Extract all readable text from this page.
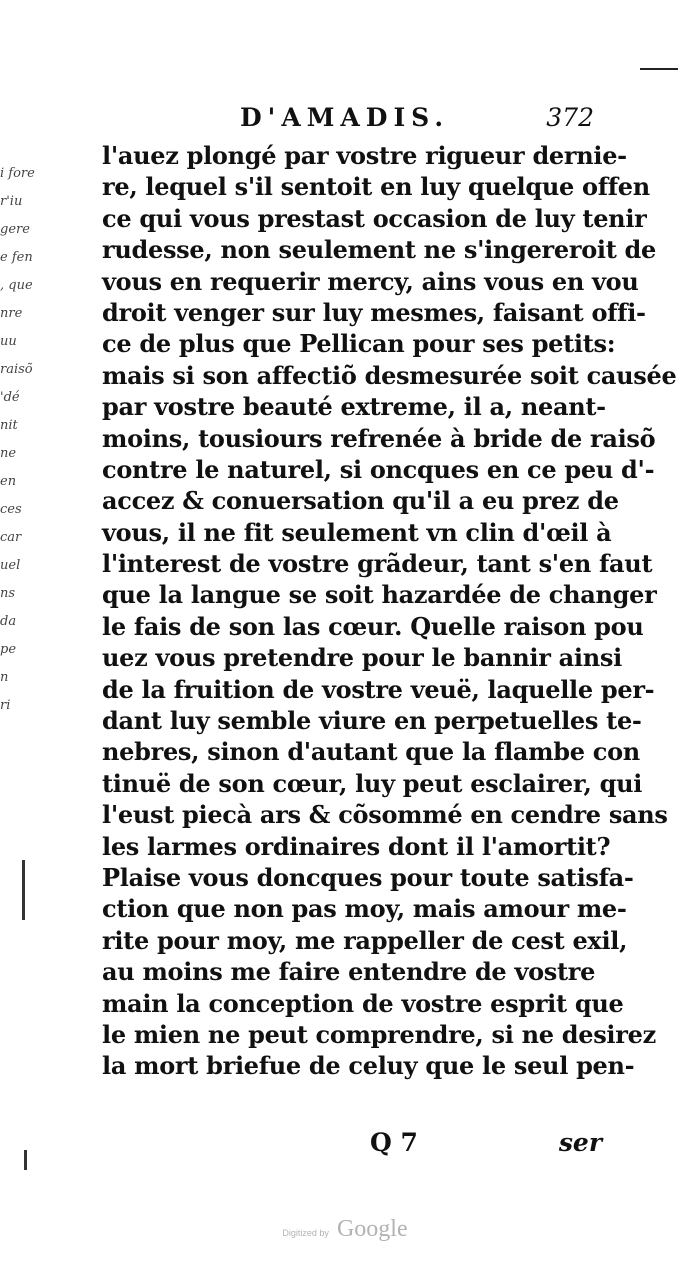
i fore
r'iu
gere
e fen
, que
nre
uu
raisõ
'dé
nit
ne
en
ces
car
uel
ns
da
pe
n
ri
D'AMADIS.	372
l'auez plongé par vostre rigueur dernie-
re, lequel s'il sentoit en luy quelque offen
ce qui vous prestast occasion de luy tenir
rudesse, non seulement ne s'ingereroit de
vous en requerir mercy, ains vous en vou
droit venger sur luy mesmes, faisant offi-
ce de plus que Pellican pour ses petits:
mais si son affectiõ desmesurée soit causée
par vostre beauté extreme, il a, neant-
moins, tousiours refrenée à bride de raisõ
contre le naturel, si oncques en ce peu d'-
accez & conuersation qu'il a eu prez de
vous, il ne fit seulement vn clin d'œil à
l'interest de vostre grãdeur, tant s'en faut
que la langue se soit hazardée de changer
le fais de son las cœur. Quelle raison pou
uez vous pretendre pour le bannir ainsi
de la fruition de vostre veuë, laquelle per-
dant luy semble viure en perpetuelles te-
nebres, sinon d'autant que la flambe con
tinuë de son cœur, luy peut esclairer, qui
l'eust piecà ars & cõsommé en cendre sans
les larmes ordinaires dont il l'amortit?
Plaise vous doncques pour toute satisfa-
ction que non pas moy, mais amour me-
rite pour moy, me rappeller de cest exil,
au moins me faire entendre de vostre
main la conception de vostre esprit que
le mien ne peut comprendre, si ne desirez
la mort briefue de celuy que le seul pen-
Q 7	ser
Digitized by Google
